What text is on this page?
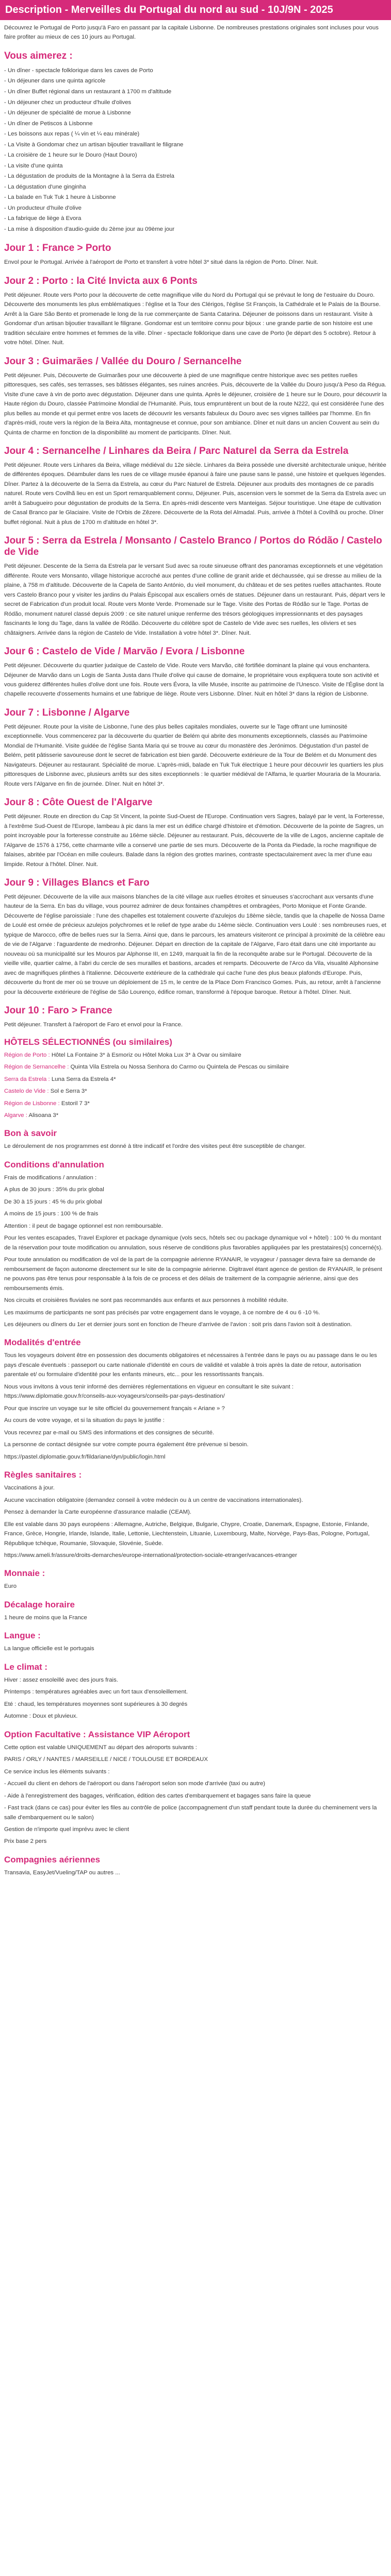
Description - Merveilles du Portugal du nord au sud - 10J/9N - 2025

Découvrez le Portugal de Porto jusqu'à Faro en passant par la capitale Lisbonne. De nombreuses prestations originales sont incluses pour vous faire profiter au mieux de ces 10 jours au Portugal.

Vous aimerez :
- Un dîner - spectacle folklorique dans les caves de Porto
- Un déjeuner dans une quinta agricole
- Un dîner Buffet régional dans un restaurant à 1700 m d'altitude
- Un déjeuner chez un producteur d'huile d'olives
- Un déjeuner de spécialité de morue à Lisbonne
- Un dîner de Petiscos à Lisbonne
- Les boissons aux repas ( ¼ vin et ¼ eau minérale)
- La Visite à Gondomar chez un artisan bijoutier travaillant le filigrane
- La croisière de 1 heure sur le Douro (Haut Douro)
- La visite d'une quinta
- La dégustation de produits de la Montagne à la Serra da Estrela
- La dégustation d'une ginginha
- La balade en Tuk Tuk 1 heure à Lisbonne
- Un producteur d'huile d'olive
- La fabrique de liège à Evora
- La mise à disposition d'audio-guide du 2ème jour au 09ème jour
Jour 1 : France > Porto

Envol pour le Portugal. Arrivée à l'aéroport de Porto et transfert à votre hôtel 3* situé dans la région de Porto. Dîner. Nuit.

Jour 2 : Porto : la Cité Invicta aux 6 Ponts

Petit déjeuner. Route vers Porto pour la découverte de cette magnifique ville du Nord du Portugal qui se prévaut le long de l'estuaire du Douro. Découverte des monuments les plus emblématiques : l'église et la Tour des Clérigos, l'église St François, la Cathédrale et le Palais de la Bourse. Arrêt à la Gare São Bento et promenade le long de la rue commerçante de Santa Catarina. Déjeuner de poissons dans un restaurant. Visite à Gondomar d'un artisan bijoutier travaillant le filigrane. Gondomar est un territoire connu pour bijoux : une grande partie de son histoire est une tradition séculaire entre hommes et femmes de la ville. Dîner - spectacle folklorique dans une cave de Porto (le départ des 5 octobre). Retour à votre hôtel. Dîner. Nuit.

Jour 3 : Guimarães / Vallée du Douro / Sernancelhe

Petit déjeuner. Puis, Découverte de Guimarães pour une découverte à pied de une magnifique centre historique avec ses petites ruelles pittoresques, ses cafés, ses terrasses, ses bâtisses élégantes, ses ruines ancrées. Puis, découverte de la Vallée du Douro jusqu'à Peso da Régua. Visite d'une cave à vin de porto avec dégustation. Déjeuner dans une quinta. Après le déjeuner, croisière de 1 heure sur le Douro, pour découvrir la Haute région du Douro, classée Patrimoine Mondial de l'Humanité. Puis, tous empruntèrent un bout de la route N222, qui est considérée l'une des plus belles au monde et qui permet entre vos lacets de découvrir les versants fabuleux du Douro avec ses vignes taillées par l'homme. En fin d'après-midi, route vers la région de la Beira Alta, montagneuse et connue, pour son ambiance. Dîner et nuit dans un ancien Couvent au sein du Quinta de charme en fonction de la disponibilité au moment de participants. Dîner. Nuit.

Jour 4 : Sernancelhe / Linhares da Beira / Parc Naturel da Serra da Estrela

Petit déjeuner. Route vers Linhares da Beira, village médiéval du 12e siècle. Linhares da Beira possède une diversité architecturale unique, héritée de différentes époques. Déambuler dans les rues de ce village musée épanoui à faire une pause sans le passé, une histoire et quelques légendes. Dîner. Partez à la découverte de la Serra da Estrela, au cœur du Parc Naturel de Estrela. Déjeuner aux produits des montagnes de ce paradis naturel. Route vers Covilhã lieu en est un Sport remarquablement connu, Déjeuner. Puis, ascension vers le sommet de la Serra da Estrela avec un arrêt à Sabugueiro pour dégustation de produits de la Serra. En après-midi descente vers Manteigas. Séjour touristique. Une étape de cultivation de Casal Branco par le Glaciaire. Visite de l'Orbis de Zêzere. Découverte de la Rota del Almadal. Puis, arrivée à l'hôtel à Covilhã ou proche. Dîner buffet régional. Nuit à plus de 1700 m d'altitude en hôtel 3*.

Jour 5 : Serra da Estrela / Monsanto / Castelo Branco / Portos do Ródão / Castelo de Vide

Petit déjeuner. Descente de la Serra da Estrela par le versant Sud avec sa route sinueuse offrant des panoramas exceptionnels et une végétation différente. Route vers Monsanto, village historique accroché aux pentes d'une colline de granit aride et déchaussée, qui se dresse au milieu de la plaine, à 758 m d'altitude. Découverte de la Capela de Santo António, du vieil monument, du château et de ses petites ruelles attachantes. Route vers Castelo Branco pour y visiter les jardins du Palais Épiscopal aux escaliers ornés de statues. Déjeuner dans un restaurant. Puis, départ vers le secret de Fabrication d'un produit local. Route vers Monte Verde. Promenade sur le Tage. Visite des Portas de Ródão sur le Tage. Portas de Ródão, monument naturel classé depuis 2009 : ce site naturel unique renferme des trésors géologiques impressionnants et des paysages fascinants le long du Tage, dans la vallée de Ródão. Découverte du célèbre spot de Castelo de Vide avec ses ruelles, les oliviers et ses châtaigners. Arrivée dans la région de Castelo de Vide. Installation à votre hôtel 3*. Dîner. Nuit.

Jour 6 : Castelo de Vide / Marvão / Evora / Lisbonne

Petit déjeuner. Découverte du quartier judaïque de Castelo de Vide. Route vers Marvão, cité fortifiée dominant la plaine qui vous enchantera. Déjeuner de Marvão dans un Logis de Santa Justa dans l'huile d'olive qui cause de domaine, le propriétaire vous expliquera toute son activité et vous guiderez différentes huiles d'olive dont une fois. Route vers Évora, la ville Musée, inscrite au patrimoine de l'Unesco. Visite de l'Église dont la chapelle recouverte d'ossements humains et une fabrique de liège. Route vers Lisbonne. Dîner. Nuit en hôtel 3* dans la région de Lisbonne.

Jour 7 : Lisbonne / Algarve

Petit déjeuner. Route pour la visite de Lisbonne, l'une des plus belles capitales mondiales, ouverte sur le Tage offrant une luminosité exceptionnelle. Vous commencerez par la découverte du quartier de Belém qui abrite des monuments exceptionnels, classés au Patrimoine Mondial de l'Humanité. Visite guidée de l'église Santa Maria qui se trouve au cœur du monastère des Jerónimos. Dégustation d'un pastel de Belém, petit pâtisserie savoureuse dont le secret de fabrication est bien gardé. Découverte extérieure de la Tour de Belém et du Monument des Navigateurs. Déjeuner au restaurant. Spécialité de morue. L'après-midi, balade en Tuk Tuk électrique 1 heure pour découvrir les quartiers les plus pittoresques de Lisbonne avec, plusieurs arrêts sur des sites exceptionnels : le quartier médiéval de l'Alfama, le quartier Mouraria de la Mouraria. Route vers l'Algarve en fin de journée. Dîner. Nuit en hôtel 3*.

Jour 8 : Côte Ouest de l'Algarve

Petit déjeuner. Route en direction du Cap St Vincent, la pointe Sud-Ouest de l'Europe. Continuation vers Sagres, balayé par le vent, la Forteresse, à l'extrême Sud-Ouest de l'Europe, lambeau à pic dans la mer est un édifice chargé d'histoire et d'émotion. Découverte de la pointe de Sagres, un point incroyable pour la forteresse construite au 16ème siècle. Déjeuner au restaurant. Puis, découverte de la ville de Lagos, ancienne capitale de l'Algarve de 1576 à 1756, cette charmante ville a conservé une partie de ses murs. Découverte de la Ponta da Piedade, la roche magnifique de falaises, abritée par l'Océan en mille couleurs. Balade dans la région des grottes marines, contraste spectaculairement avec la mer d'une eau limpide. Retour à l'hôtel. Dîner. Nuit.

Jour 9 : Villages Blancs et Faro

Petit déjeuner. Découverte de la ville aux maisons blanches de la cité village aux ruelles étroites et sinueuses s'accrochant aux versants d'une hauteur de la Serra. En bas du village, vous pourrez admirer de deux fontaines champêtres et ombragées, Porto Monique et Fonte Grande. Découverte de l'église paroissiale : l'une des chapelles est totalement couverte d'azulejos du 18ème siècle, tandis que la chapelle de Nossa Dame de Loulé est ornée de précieux azulejos polychromes et le relief de type arabe du 14ème siècle. Continuation vers Loulé : ses nombreuses rues, et typique de Marocco, offre de belles rues sur la Serra. Ainsi que, dans le parcours, les amateurs visiteront ce principal à proximité de la célèbre eau de vie de l'Algarve : l'aguardente de medronho. Déjeuner. Départ en direction de la capitale de l'Algarve, Faro était dans une cité importante au nouveau où sa municipalité sur les Mouros par Alphonse III, en 1249, marquait la fin de la reconquête arabe sur le Portugal. Découverte de la vieille ville, quartier calme, à l'abri du cercle de ses murailles et bastions, arcades et remparts. Découverte de l'Arco da Vila, visualité Alphonsine avec de magnifiques plinthes à l'italienne. Découverte extérieure de la cathédrale qui cache l'une des plus beaux plafonds d'Europe. Puis, découverte du front de mer où se trouve un déploiement de 15 m, le centre de la Place Dom Francisco Gomes. Puis, au retour, arrêt à l'ancienne pour la découverte extérieure de l'église de São Lourenço, édifice roman, transformé à l'époque baroque. Retour à l'hôtel. Dîner. Nuit.

Jour 10 : Faro > France

Petit déjeuner. Transfert à l'aéroport de Faro et envol pour la France.

HÔTELS SÉLECTIONNÉS (ou similaires)

Région de Porto : Hôtel La Fontaine 3* à Esmoriz ou Hôtel Moka Lux 3* à Ovar ou similaire

Région de Sernancelhe : Quinta Vila Estrela ou Nossa Senhora do Carmo ou Quintela de Pescas ou similaire

Serra da Estrela : Luna Serra da Estrela 4*

Castelo de Vide : Sol e Serra 3*

Région de Lisbonne : Estoril 7 3*

Algarve : Alisoana 3*

Bon à savoir

Le déroulement de nos programmes est donné à titre indicatif et l'ordre des visites peut être susceptible de changer.

Conditions d'annulation

Frais de modifications / annulation :

A plus de 30 jours : 35% du prix global

De 30 à 15 jours : 45 % du prix global

A moins de 15 jours : 100 % de frais

Attention : il peut de bagage optionnel est non remboursable.

Pour les ventes escapades, Travel Explorer et package dynamique (vols secs, hôtels sec ou package dynamique vol + hôtel) : 100 % du montant de la réservation pour toute modification ou annulation, sous réserve de conditions plus favorables appliquées par les prestataires(s) concerné(s).

Pour toute annulation ou modification de vol de la part de la compagnie aérienne RYANAIR, le voyageur / passager devra faire sa demande de remboursement de façon autonome directement sur le site de la compagnie aérienne. Digitravel étant agence de gestion de RYANAIR, le présent ne pouvons pas être tenus pour responsable à la fois de ce process et des délais de traitement de la compagnie aérienne, ainsi que des remboursements émis.

Nos circuits et croisières fluviales ne sont pas recommandés aux enfants et aux personnes à mobilité réduite.

Les maximums de participants ne sont pas précisés par votre engagement dans le voyage, à ce nombre de 4 ou 6 -10 %.

Les déjeuners ou dîners du 1er et dernier jours sont en fonction de l'heure d'arrivée de l'avion : soit pris dans l'avion soit à destination.

Modalités d'entrée

Tous les voyageurs doivent être en possession des documents obligatoires et nécessaires à l'entrée dans le pays ou au passage dans le ou les pays d'escale éventuels : passeport ou carte nationale d'identité en cours de validité et valable à trois après la date de retour, autorisation parentale et/ ou formulaire d'identité pour les enfants mineurs, etc... pour les ressortissants français.

Nous vous invitons à vous tenir informé des dernières réglementations en vigueur en consultant le site suivant : https://www.diplomatie.gouv.fr/conseils-aux-voyageurs/conseils-par-pays-destination/

Pour que inscrire un voyage sur le site officiel du gouvernement français « Ariane » ?

Au cours de votre voyage, et si la situation du pays le justifie :

Vous recevrez par e-mail ou SMS des informations et des consignes de sécurité.

La personne de contact désignée sur votre compte pourra également être prévenue si besoin.

https://pastel.diplomatie.gouv.fr/fildariane/dyn/public/login.html

Règles sanitaires :

Vaccinations à jour.

Aucune vaccination obligatoire (demandez conseil à votre médecin ou à un centre de vaccinations internationales).

Pensez à demander la Carte européenne d'assurance maladie (CEAM).

Elle est valable dans 30 pays européens : Allemagne, Autriche, Belgique, Bulgarie, Chypre, Croatie, Danemark, Espagne, Estonie, Finlande, France, Grèce, Hongrie, Irlande, Islande, Italie, Lettonie, Liechtenstein, Lituanie, Luxembourg, Malte, Norvège, Pays-Bas, Pologne, Portugal, République tchèque, Roumanie, Slovaquie, Slovénie, Suède.

https://www.ameli.fr/assure/droits-demarches/europe-international/protection-sociale-etranger/vacances-etranger

Monnaie :

Euro

Décalage horaire

1 heure de moins que la France

Langue :

La langue officielle est le portugais

Le climat :

Hiver : assez ensoleillé avec des jours frais.

Printemps : températures agréables avec un fort taux d'ensoleillement.

Eté : chaud, les températures moyennes sont supérieures à 30 degrés

Automne : Doux et pluvieux.

Option Facultative : Assistance VIP Aéroport

Cette option est valable UNIQUEMENT au départ des aéroports suivants :

PARIS / ORLY / NANTES / MARSEILLE / NICE / TOULOUSE ET BORDEAUX

Ce service inclus les éléments suivants :

- Accueil du client en dehors de l'aéroport ou dans l'aéroport selon son mode d'arrivée (taxi ou autre)

- Aide à l'enregistrement des bagages, vérification, édition des cartes d'embarquement et bagages sans faire la queue

- Fast track (dans ce cas) pour éviter les files au contrôle de police (accompagnement d'un staff pendant toute la durée du cheminement vers la salle d'embarquement ou le salon)

Gestion de n'importe quel imprévu avec le client

Prix base 2 pers

Compagnies aériennes

Transavia, EasyJet/Vueling/TAP ou autres ...
